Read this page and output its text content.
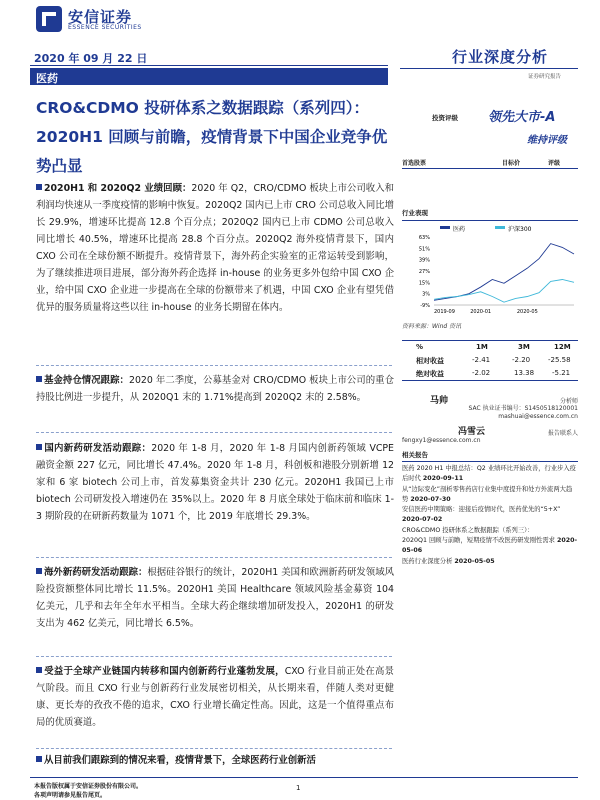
安信证券
ESSENCE SECURITIES
2020 年 09 月 22 日
医药
行业深度分析
证券研究报告
CRO&CDMO 投研体系之数据跟踪（系列四）：2020H1 回顾与前瞻，疫情背景下中国企业竞争优势凸显
投资评级 领先大市-A
维持评级
首选股票	目标价	评级
行业表现
医药	沪深300
63%
51%
39%
27%
15%
3%
-9%
2019-09	2020-01	2020-05
资料来源：Wind 资讯
%	1M	3M	12M
相对收益	-2.41	-2.20	-25.58
绝对收益	-2.02	13.38	-5.21
马帅	分析师
SAC 执业证书编号：S1450518120001
mashuai@essence.com.cn
冯雪云	报告联系人
fengxy1@essence.com.cn
相关报告
医药 2020 H1 中报总结：Q2 业绩环比开始改善，行业步入疫后时代 2020-09-11
从“边际变化”剖析零售药店行业集中度提升和处方外流两大趋势 2020-07-30
安信医药中期策略：迎接后疫情时代，医药优先的“5+X” 2020-07-02
CRO&CDMO 投研体系之数据跟踪（系列三）：
2020Q1 回顾与前瞻，短期疫情不改医药研发刚性需求 2020-05-06
医药行业深度分析 2020-05-05
2020H1 和 2020Q2 业绩回顾：2020 年 Q2，CRO/CDMO 板块上市公司收入和利润均快速从一季度疫情的影响中恢复。2020Q2 国内已上市 CRO 公司总收入同比增长 29.9%，增速环比提高 12.8 个百分点；2020Q2 国内已上市 CDMO 公司总收入同比增长 40.5%，增速环比提高 28.8 个百分点。2020Q2 海外疫情背景下，国内 CXO 公司在全球份额不断提升。疫情背景下，海外药企实验室的正常运转受到影响，为了继续推进项目进展，部分海外药企选择 in-house 的业务更多外包给中国 CXO 企业，给中国 CXO 企业进一步提高在全球的份额带来了机遇，中国 CXO 企业有望凭借优异的服务质量将这些以往 in-house 的业务长期留在体内。
基金持仓情况跟踪：2020 年二季度，公募基金对 CRO/CDMO 板块上市公司的重仓持股比例进一步提升，从 2020Q1 末的 1.71%提高到 2020Q2 末的 2.58%。
国内新药研发活动跟踪：2020 年 1-8 月，2020 年 1-8 月国内创新药领域 VCPE 融资金额 227 亿元，同比增长 47.4%。2020 年 1-8 月，科创板和港股分别新增 12 家和 6 家 biotech 公司上市，首发募集资金共计 230 亿元。2020H1 我国已上市 biotech 公司研发投入增速仍在 35%以上。2020 年 8 月底全球处于临床前和临床 1-3 期阶段的在研新药数量为 1071 个，比 2019 年底增长 29.3%。
海外新药研发活动跟踪：根据硅谷银行的统计，2020H1 美国和欧洲新药研发领域风险投资额整体同比增长 11.5%。2020H1 美国 Healthcare 领域风险基金募资 104 亿美元，几乎和去年全年水平相当。全球大药企继续增加研发投入，2020H1 的研发支出为 462 亿美元，同比增长 6.5%。
受益于全球产业链国内转移和国内创新药行业蓬勃发展，CXO 行业目前正处在高景气阶段。而且 CXO 行业与创新药行业发展密切相关，从长期来看，伴随人类对更健康、更长寿的孜孜不倦的追求，CXO 行业增长确定性高。因此，这是一个值得重点布局的优质赛道。
从目前我们跟踪到的情况来看，疫情背景下，全球医药行业创新活
本报告版权属于安信证券股份有限公司。
各项声明请参见报告尾页。
1
